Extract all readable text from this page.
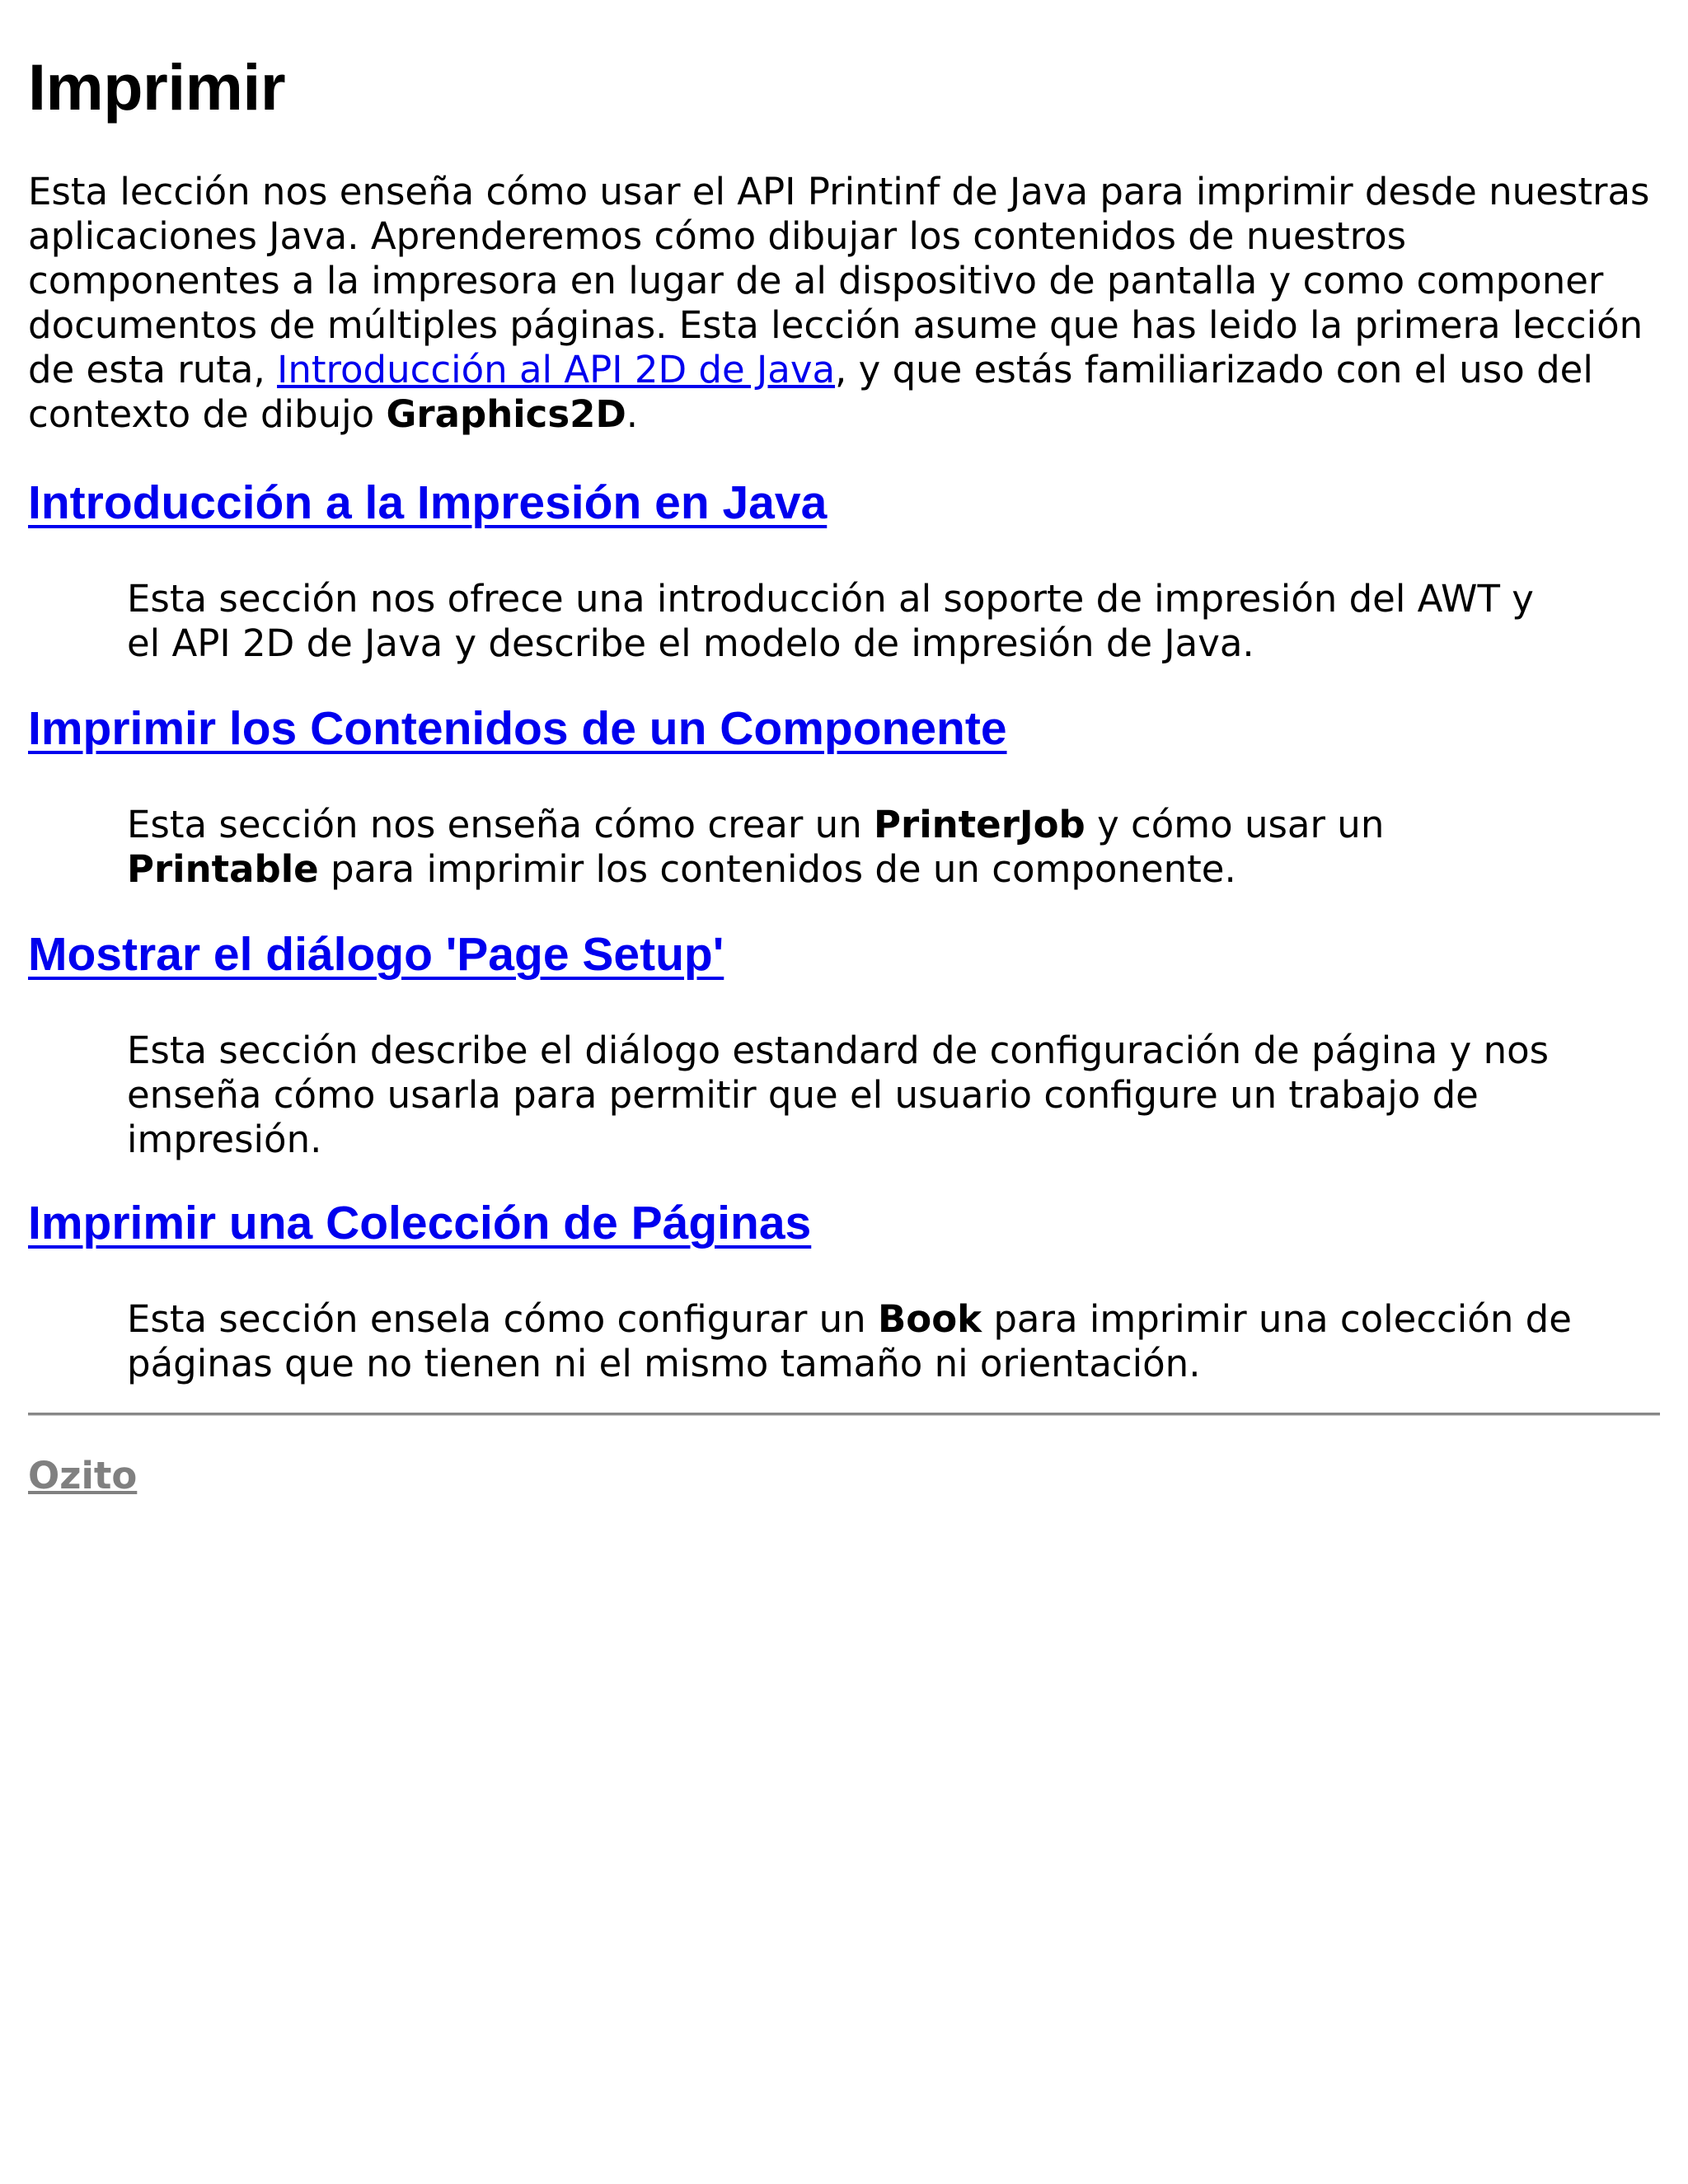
Imprimir

Esta lección nos enseña cómo usar el API Printinf de Java para imprimir desde nuestras aplicaciones Java. Aprenderemos cómo dibujar los contenidos de nuestros componentes a la impresora en lugar de al dispositivo de pantalla y como componer documentos de múltiples páginas. Esta lección asume que has leido la primera lección de esta ruta, Introducción al API 2D de Java, y que estás familiarizado con el uso del contexto de dibujo Graphics2D.

Introducción a la Impresión en Java

Esta sección nos ofrece una introducción al soporte de impresión del AWT y el API 2D de Java y describe el modelo de impresión de Java.

Imprimir los Contenidos de un Componente

Esta sección nos enseña cómo crear un PrinterJob y cómo usar un Printable para imprimir los contenidos de un componente.

Mostrar el diálogo 'Page Setup'

Esta sección describe el diálogo estandard de configuración de página y nos enseña cómo usarla para permitir que el usuario configure un trabajo de impresión.

Imprimir una Colección de Páginas

Esta sección ensela cómo configurar un Book para imprimir una colección de páginas que no tienen ni el mismo tamaño ni orientación.

Ozito
